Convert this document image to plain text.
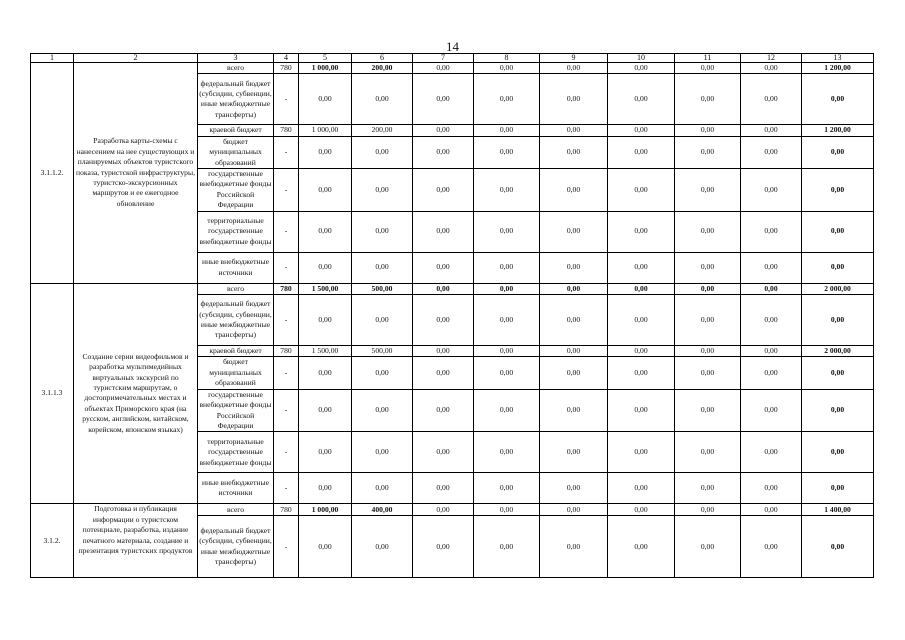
14
1	2	3	4	5	6	7	8	9	10	11	12	13
3.1.1.2.	Разработка карты-схемы с нанесением на нее существующих и планируемых объектов туристского показа, туристской инфраструктуры, туристско-экскурсионных маршрутов и ее ежегодное обновление	всего	780	1 000,00	200,00	0,00	0,00	0,00	0,00	0,00	0,00	1 200,00
		федеральный бюджет (субсидии, субвенции, иные межбюджетные трансферты)	-	0,00	0,00	0,00	0,00	0,00	0,00	0,00	0,00	0,00
		краевой бюджет	780	1 000,00	200,00	0,00	0,00	0,00	0,00	0,00	0,00	1 200,00
		бюджет муниципальных образований	-	0,00	0,00	0,00	0,00	0,00	0,00	0,00	0,00	0,00
		государственные внебюджетные фонды Российской Федерации	-	0,00	0,00	0,00	0,00	0,00	0,00	0,00	0,00	0,00
		территориальные государственные внебюджетные фонды	-	0,00	0,00	0,00	0,00	0,00	0,00	0,00	0,00	0,00
		иные внебюджетные источники	-	0,00	0,00	0,00	0,00	0,00	0,00	0,00	0,00	0,00
3.1.1.3	Создание серии видеофильмов и разработка мультимедийных виртуальных экскурсий по туристским маршрутам, о достопримечательных местах и объектах Приморского края (на русском, английском, китайском, корейском, японском языках)	всего	780	1 500,00	500,00	0,00	0,00	0,00	0,00	0,00	0,00	2 000,00
		федеральный бюджет (субсидии, субвенции, иные межбюджетные трансферты)	-	0,00	0,00	0,00	0,00	0,00	0,00	0,00	0,00	0,00
		краевой бюджет	780	1 500,00	500,00	0,00	0,00	0,00	0,00	0,00	0,00	2 000,00
		бюджет муниципальных образований	-	0,00	0,00	0,00	0,00	0,00	0,00	0,00	0,00	0,00
		государственные внебюджетные фонды Российской Федерации	-	0,00	0,00	0,00	0,00	0,00	0,00	0,00	0,00	0,00
		территориальные государственные внебюджетные фонды	-	0,00	0,00	0,00	0,00	0,00	0,00	0,00	0,00	0,00
		иные внебюджетные источники	-	0,00	0,00	0,00	0,00	0,00	0,00	0,00	0,00	0,00
3.1.2.	Подготовка и публикация информации о туристском потенциале, разработка, издание печатного материала, создание и презентация туристских продуктов	всего	780	1 000,00	400,00	0,00	0,00	0,00	0,00	0,00	0,00	1 400,00
		федеральный бюджет (субсидии, субвенции, иные межбюджетные трансферты)	-	0,00	0,00	0,00	0,00	0,00	0,00	0,00	0,00	0,00
